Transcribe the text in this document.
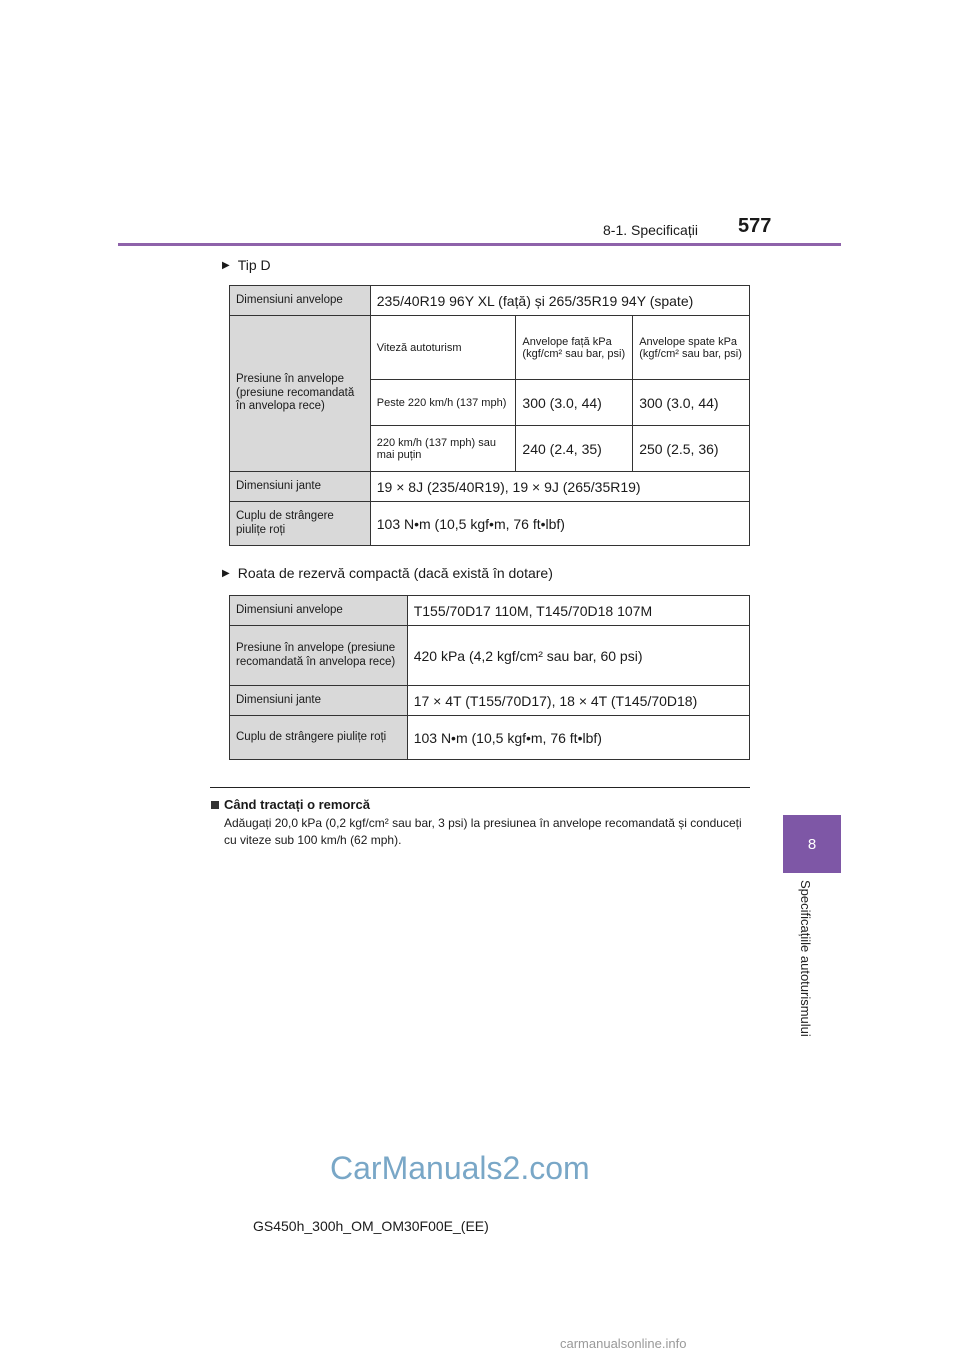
8-1. Specificații 577
8
Specificațiile autoturismului
▶ Tip D
Dimensiuni anvelope	235/40R19 96Y XL (față) și 265/35R19 94Y (spate)		
Presiune în anvelope (presiune recomandată în anvelopa rece)	Viteză autoturism	Anvelope față kPa (kgf/cm² sau bar, psi)	Anvelope spate kPa (kgf/cm² sau bar, psi)
	Peste 220 km/h (137 mph)	300 (3.0, 44)	300 (3.0, 44)
	220 km/h (137 mph) sau mai puțin	240 (2.4, 35)	250 (2.5, 36)
Dimensiuni jante	19 × 8J (235/40R19), 19 × 9J (265/35R19)		
Cuplu de strângere piulițe roți	103 N•m (10,5 kgf•m, 76 ft•lbf)		
▶ Roata de rezervă compactă (dacă există în dotare)
Dimensiuni anvelope	T155/70D17 110M, T145/70D18 107M
Presiune în anvelope (presiune recomandată în anvelopa rece)	420 kPa (4,2 kgf/cm² sau bar, 60 psi)
Dimensiuni jante	17 × 4T (T155/70D17), 18 × 4T (T145/70D18)
Cuplu de strângere piulițe roți	103 N•m (10,5 kgf•m, 76 ft•lbf)
Când tractați o remorcă
Adăugați 20,0 kPa (0,2 kgf/cm² sau bar, 3 psi) la presiunea în anvelope recomandată și conduceți cu viteze sub 100 km/h (62 mph).
CarManuals2.com
GS450h_300h_OM_OM30F00E_(EE)
carmanualsonline.info
